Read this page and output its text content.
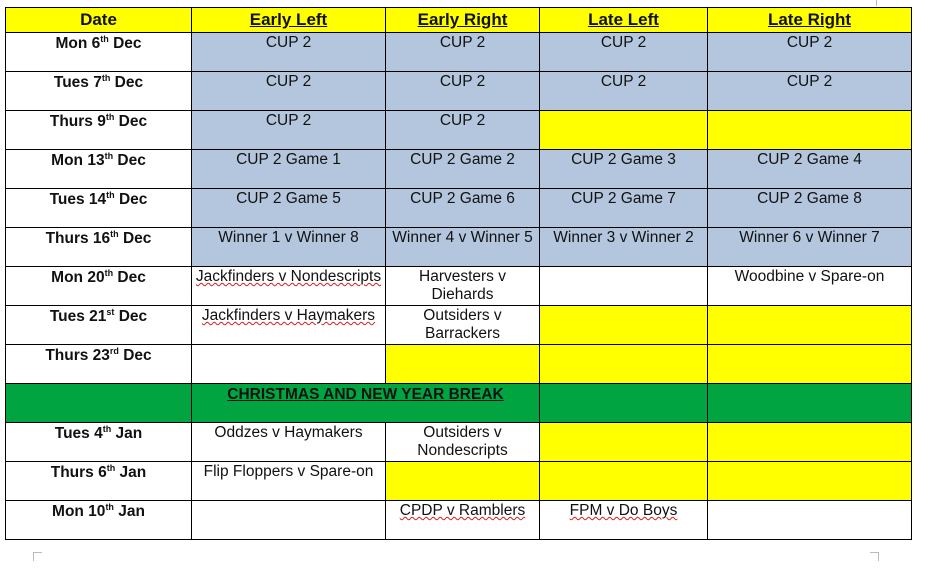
Date	Early Left	Early Right	Late Left	Late Right
Mon 6th Dec	CUP 2	CUP 2	CUP 2	CUP 2
Tues 7th Dec	CUP 2	CUP 2	CUP 2	CUP 2
Thurs 9th Dec	CUP 2	CUP 2		
Mon 13th Dec	CUP 2 Game 1	CUP 2 Game 2	CUP 2 Game 3	CUP 2 Game 4
Tues 14th Dec	CUP 2 Game 5	CUP 2 Game 6	CUP 2 Game 7	CUP 2 Game 8
Thurs 16th Dec	Winner 1 v Winner 8	Winner 4 v Winner 5	Winner 3 v Winner 2	Winner 6 v Winner 7
Mon 20th Dec	Jackfinders v Nondescripts	Harvesters v Diehards		Woodbine v Spare-on
Tues 21st Dec	Jackfinders v Haymakers	Outsiders v Barrackers		
Thurs 23rd Dec				
	CHRISTMAS AND NEW YEAR BREAK			
Tues 4th Jan	Oddzes v Haymakers	Outsiders v Nondescripts		
Thurs 6th Jan	Flip Floppers v Spare-on			
Mon 10th Jan		CPDP v Ramblers	FPM v Do Boys	
